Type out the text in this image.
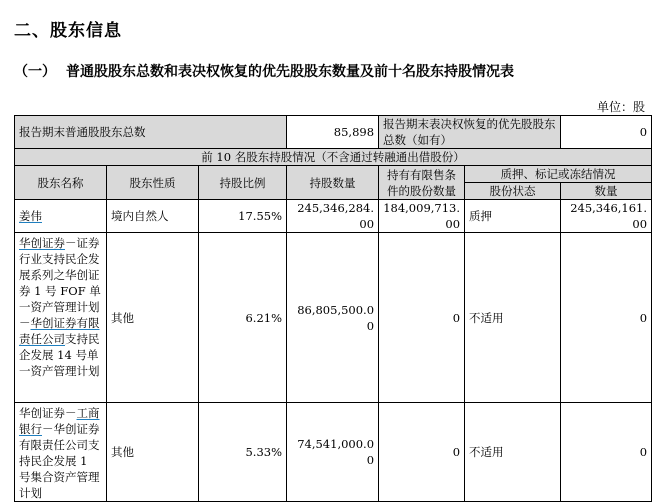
二、股东信息
（一） 普通股股东总数和表决权恢复的优先股股东数量及前十名股东持股情况表
单位：股
报告期末普通股股东总数			85,898	报告期末表决权恢复的优先股股东总数（如有）		0
前 10 名股东持股情况（不含通过转融通出借股份）						
股东名称	股东性质	持股比例	持股数量	持有有限售条件的股份数量	质押、标记或冻结情况	
					股份状态	数量
姜伟	境内自然人	17.55%	245,346,284.00	184,009,713.00	质押	245,346,161.00
华创证券－证券行业支持民企发展系列之华创证券 1 号 FOF 单一资产管理计划－华创证券有限责任公司支持民企发展 14 号单一资产管理计划	其他	6.21%	86,805,500.00	0	不适用	0
华创证券－工商银行－华创证券有限责任公司支持民企发展 1 号集合资产管理计划	其他	5.33%	74,541,000.00	0	不适用	0
